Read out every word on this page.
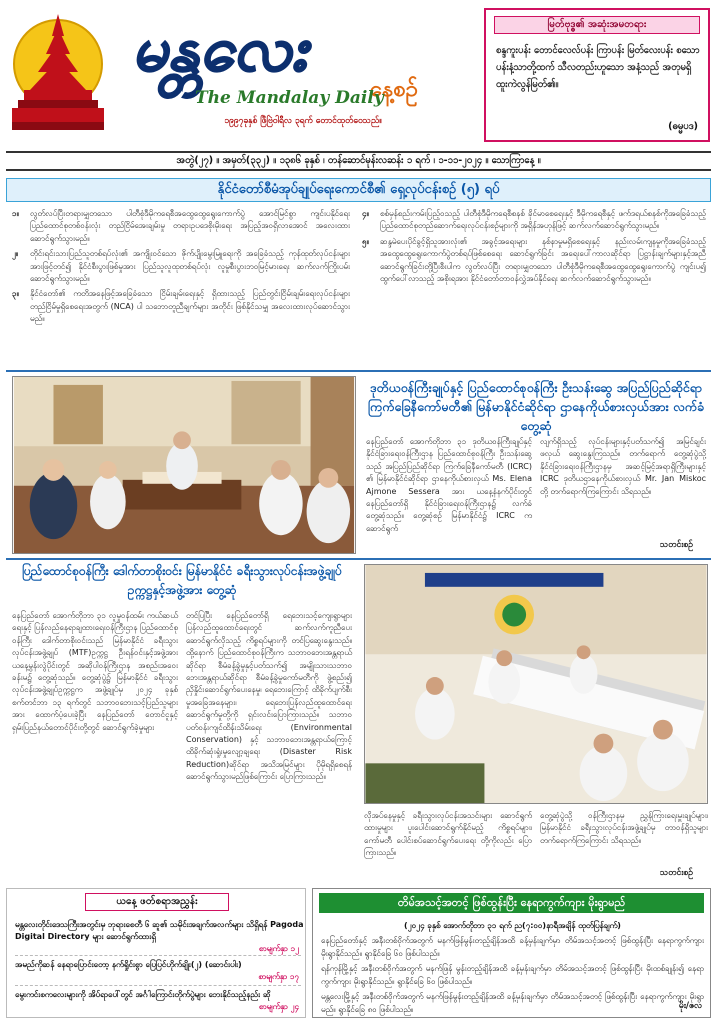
မန္တလေး
နေ့စဉ်
The Mandalay Daily
၁၉၉၇ခုနှစ် ဖြီဗြဲဝါရီလ ၃ရက် တောင်ထုတ်ဝေသည်။
မြတ်ဗုဒ္ဓ၏ အဆုံးအမတရား
စန္ဒကူးပန်း တောင်လေလ်ပန်း ကြာပန်း မြတ်လေးပန်း စသော ပန်းနံ့သာတို့ထက် သီလတည်းဟူသော အနံ့သည် အတုမရှိ ထူးကဲလွန်မြတ်၏။
(ဓမ္မပဒ)
အတွဲ(၂၇) ။ အမှတ်(၃၃၂) ။ ၁၃၈၆ ခုနှစ် ၊ တန်ဆောင်မုန်းလဆန်း ၁ ရက် ၊ ၁-၁၁-၂၀၂၄ ။ သောကြာနေ့ ။
နိုင်ငံတော်စီမံအုပ်ချုပ်ရေးကောင်စီ၏ ရှေ့လုပ်ငန်းစဉ် (၅) ရပ်

၁။ လွတ်လပ်ပြီးတရားမျှတသော ပါတီစုံဒီမိုကရေစီအထွေထွေရွေးကောက်ပွဲ အောင်မြင်စွာ ကျင်းပနိုင်ရေး ပြည်ထောင်စုတစ်ဝန်းလုံး တည်ငြိမ်အေးချမ်းမှု တရားဥပဒေစိုးမိုးရေး အပြည့်အဝရှိလာအောင် အလေးထားဆောင်ရွက်သွားမည်။

၂။ တိုင်းရင်းသားပြည်သူတစ်ရပ်လုံး၏ အကျိုးဝင်သော ဇိုက်ပျိုးမွေးမြူရေးကို အခြေခံသည့် ကုန်ထုတ်လုပ်ငန်းများအားဖြင့်တင်၍ နိုင်ငံစီးပွားဖြစ်မှုအား ပြည်သူလူထုတစ်ရပ်လုံး လူမှုစီးပွားဘဝမြင့်မားရေး ဆက်လက်ကြိုးပမ်းဆောင်ရွက်သွားမည်။

၃။ နိုင်ငံတော်၏ ကတိအနေဖြင့်အခြေခံသော ငြိမ်းချမ်းရေးနှင့် ရှိထားသည့် ပြည်တွင်းငြိမ်းချမ်းရေးလုပ်ငန်းများ တည်ငြိမ်မှုရှိစေရေးအတွက် (NCA) ပါ သဘောတူညီချက်များ အတိုင်း ဖြစ်နိုင်သမျှ အလေးထားလုပ်ဆောင်သွားမည်။

၄။ စစ်မှန်စည်းကမ်းပြည့်ဝသည့် ပါတီစုံဒီမိုကရေစီစနစ် ခိုင်မာစေရေးနှင့် ဒီမိုကရေစီနှင့် ဖက်ဒရယ်စနစ်ကိုအခြေခံသည့် ပြည်ထောင်စုတည်ဆောက်ရေးလုပ်ငန်းစဉ်များကို အရှိန်အဟုန်ဖြင့် ဆက်လက်ဆောင်ရွက်သွားမည်။

၅။ ဆန္ဒမဲပေးပိုင်ခွင့်ရှိသူအားလုံး၏ အခွင့်အရေးများ နစ်နာမှုမရှိစေရေးနှင့် နည်းလမ်းကျနမှုကိုအခြေခံသည့် အထွေထွေရွေးကောက်ပွဲတစ်ရပ်ဖြစ်စေရေး ဆောင်ရွက်ခြင်း အရေးပေါ်ကာလဆိုင်ရာ ပြဋ္ဌာန်းချက်များနှင့်အညီ ဆောင်ရွက်ခြင်းတို့ပြီးစီးပါက လွတ်လပ်ပြီး တရားမျှတသော ပါတီစုံဒီမိုကရေစီအထွေထွေရွေးကောက်ပွဲ ကျင်းပ၍ ထွက်ပေါ်လာသည့် အစိုးရအား နိုင်ငံတော်တာဝန်လွှဲအပ်နိုင်ရေး ဆက်လက်ဆောင်ရွက်သွားမည်။

ဒုတိယဝန်ကြီးချုပ်နှင့် ပြည်ထောင်စုဝန်ကြီး ဦးသန်းဆွေ အပြည်ပြည်ဆိုင်ရာ ကြက်ခြေနီကော်မတီ၏ မြန်မာနိုင်ငံဆိုင်ရာ ဌာနေကိုယ်စားလှယ်အား လက်ခံတွေ့ဆုံ
နေပြည်တော် အောက်တိုဘာ ၃၁ ဒုတိယဝန်ကြီးချုပ်နှင့် နိုင်ငံခြားရေးဝန်ကြီးဌာန ပြည်ထောင်စုဝန်ကြီး ဦးသန်းဆွေသည် အပြည်ပြည်ဆိုင်ရာ ကြက်ခြေနီကော်မတီ (ICRC) ၏ မြန်မာနိုင်ငံဆိုင်ရာ ဌာနေကိုယ်စားလှယ် Ms. Elena Ajmone Sessera အား ယနေ့နံနက်ပိုင်းတွင် နေပြည်တော်ရှိ နိုင်ငံခြားရေးဝန်ကြီးဌာန၌ လက်ခံတွေ့ဆုံသည်။ တွေ့ဆုံစဉ် မြန်မာနိုင်ငံ၌ ICRC က ဆောင်ရွက်
လျက်ရှိသည့် လုပ်ငန်းများနှင့်ပတ်သက်၍ အမြင်ချင်း ဖလှယ် ဆွေးနွေးကြသည်။ တက်ရောက် တွေ့ဆုံပွဲသို့ နိုင်ငံခြားရေးဝန်ကြီးဌာနမှ အဆင့်မြင့်အရာရှိကြီးများနှင့် ICRC ဒုတိယဌာနေကိုယ်စားလှယ် Mr. Jan Miskoc တို့ တက်ရောက်ကြကြောင်း သိရသည်။
သတင်းစဉ်
ပြည်ထောင်စုဝန်ကြီး ဒေါက်တာစိုးဝင်း မြန်မာနိုင်ငံ ခရီးသွားလုပ်ငန်းအဖွဲ့ချုပ်ဥက္ကဋ္ဌနှင့်အဖွဲ့အား တွေ့ဆုံ
နေပြည်တော် အောက်တိုဘာ ၃၁ လူမှုဝန်ထမ်း ကယ်ဆယ်ရေးနှင့် ပြန်လည်နေရာချထားရေးဝန်ကြီးဌာန ပြည်ထောင်စုဝန်ကြီး ဒေါက်တာစိုးဝင်းသည် မြန်မာနိုင်ငံ ခရီးသွားလုပ်ငန်းအဖွဲ့ချုပ် (MTF)ဥက္ကဋ္ဌ ဦးရန်ဝင်းနှင့်အဖွဲ့အား ယနေ့မွန်းလွဲပိုင်းတွင် အဆိုပါဝန်ကြီးဌာန အစည်းအဝေးခန်းမ၌ တွေ့ဆုံသည်။ တွေ့ဆုံပွဲ၌ မြန်မာနိုင်ငံ ခရီးသွားလုပ်ငန်းအဖွဲ့ချုပ်ဥက္ကဋ္ဌက အဖွဲ့ချုပ်မှ ၂၀၂၄ ခုနှစ် စက်တင်ဘာ ၁၃ ရက်တွင် သဘာဝဘေးသင့်ပြည်သူများအား ထောက်ပံ့ပေးခဲ့ပြီး နေပြည်တော် တောင်ငူနှင့် ရှမ်းပြည်နယ်တောင်ပိုင်းတို့တွင် ဆောင်ရွက်ခဲ့မှုများ
တင်ပြပြီး နေပြည်တော်ရှိ ရေဘေးသင့်ကျေးရွာများ ပြန်လည်ထူထောင်ရေးတွင် ဆက်လက်ကူညီပေးဆောင်ရွက်လိုသည့် ကိစ္စရပ်များကို တင်ပြဆွေးနွေးသည်။ ထို့နောက် ပြည်ထောင်စုဝန်ကြီးက သဘာဝဘေးအန္တရာယ်ဆိုင်ရာ စီမံခန့်ခွဲမှုနှင့်ပတ်သက်၍ အမျိုးသားသဘာဝဘေးအန္တရာယ်ဆိုင်ရာ စီမံခန့်ခွဲမှုကော်မတီကို ဖွဲ့စည်း၍ ညှိနှိုင်းဆောင်ရွက်ပေးနေမှု၊ ရေဘေးကြောင့် ထိခိုက်ပျက်စီးမှုအခြေအနေများ၊ ရေဘေးပြန်လည်ထူထောင်ရေး ဆောင်ရွက်မှုတို့ကို ရှင်းလင်းပြောကြားသည်။ သဘာဝပတ်ဝန်းကျင်ထိန်းသိမ်းရေး (Environmental Conservation) နှင့် သဘာဝဘေးအန္တရာယ်ကြောင့် ထိခိုက်ဆုံးရှုံးမှုလျော့ချရေး (Disaster Risk Reduction)ဆိုင်ရာ အသိအမြင်များ ပိုမိုရရှိစေရန် ဆောင်ရွက်သွားမည်ဖြစ်ကြောင်း ပြောကြားသည်။
လိုအပ်နေမှုနှင့် ခရီးသွားလုပ်ငန်းအသင်းများ ဆောင်ရွက်ထားမှုများ ပူးပေါင်းဆောင်ရွက်နိုင်မည့် ကိစ္စရပ်များ၊ ကော်မတီ ပေါင်းစပ်ဆောင်ရွက်ပေးရေး တို့ကိုလည်း ပြောကြားသည်။
တွေ့ဆုံပွဲသို့ ဝန်ကြီးဌာနမှ ညွှန်ကြားရေးမှူးချုပ်များ၊ မြန်မာနိုင်ငံ ခရီးသွားလုပ်ငန်းအဖွဲ့ချုပ်မှ တာဝန်ရှိသူများ တက်ရောက်ကြကြောင်း သိရသည်။
သတင်းစဉ်
ယနေ့ ဖတ်စရာအညွှန်း
မန္တလေးတိုင်းဒေသကြီးအတွင်းမှ ဘုရားစေတီ ၆ ဆူ၏ သမိုင်းအချက်အလက်များ သိရှိရန် Pagoda Digital Directory များ ဆောင်ရွက်ထားရှိ
စာမျက်နှာ ၁၂
အမည်ကိုဆန် နေရာပြောင်းတော့ နက်ရှိုင်းစွာ ပြေပြင်ဟိုက်ချိုး(၂) (ဆောင်းပါး)
စာမျက်နှာ ၁၇
မွေးကင်းစကလေးများကို အိပ်ရာပေါ်တွင် အင်္ဂါကြောင်းတိုက်ပွဲများ ဘေးနိုင်သည့်နည်း ဆို
စာမျက်နှာ ၂၄
တိမ်အသင့်အတင့် ဖြစ်ထွန်းပြီး နေရာကွက်ကျား မိုးရွာမည်

(၂၀၂၄ ခုနှစ် အောက်တိုဘာ ၃၁ ရက် ည(၇:၀၀)နာရီအချိန် ထုတ်ပြန်ချက်)

နေပြည်တော်နှင့် အနီးတစ်ဝိုက်အတွက် မနက်ဖြန်မွန်းတည့်ချိန်အထိ ခန့်မှန်းချက်မှာ တိမ်အသင့်အတင့် ဖြစ်ထွန်းပြီး နေရာကွက်ကျား မိုးရွာနိုင်သည်။ ရွာနိုင်ခြေ ၆၀ ဖြစ်ပါသည်။

ရန်ကုန်မြို့နှင့် အနီးတစ်ဝိုက်အတွက် မနက်ဖြန် မွန်းတည့်ချိန်အထိ ခန့်မှန်းချက်မှာ တိမ်အသင့်အတင့် ဖြစ်ထွန်းပြီး မိုးထစ်ချုန်း၍ နေရာကွက်ကျား မိုးရွာနိုင်သည်။ ရွာနိုင်ခြေ ၆၀ ဖြစ်ပါသည်။

မန္တလေးမြို့နှင့် အနီးတစ်ဝိုက်အတွက် မနက်ဖြန်မွန်းတည့်ချိန်အထိ ခန့်မှန်းချက်မှာ တိမ်အသင့်အတင့် ဖြစ်ထွန်းပြီး နေရာကွက်ကျား မိုးရွာမည်။ ရွာနိုင်ခြေ ၈၀ ဖြစ်ပါသည်။	မိုး/ဇလ
